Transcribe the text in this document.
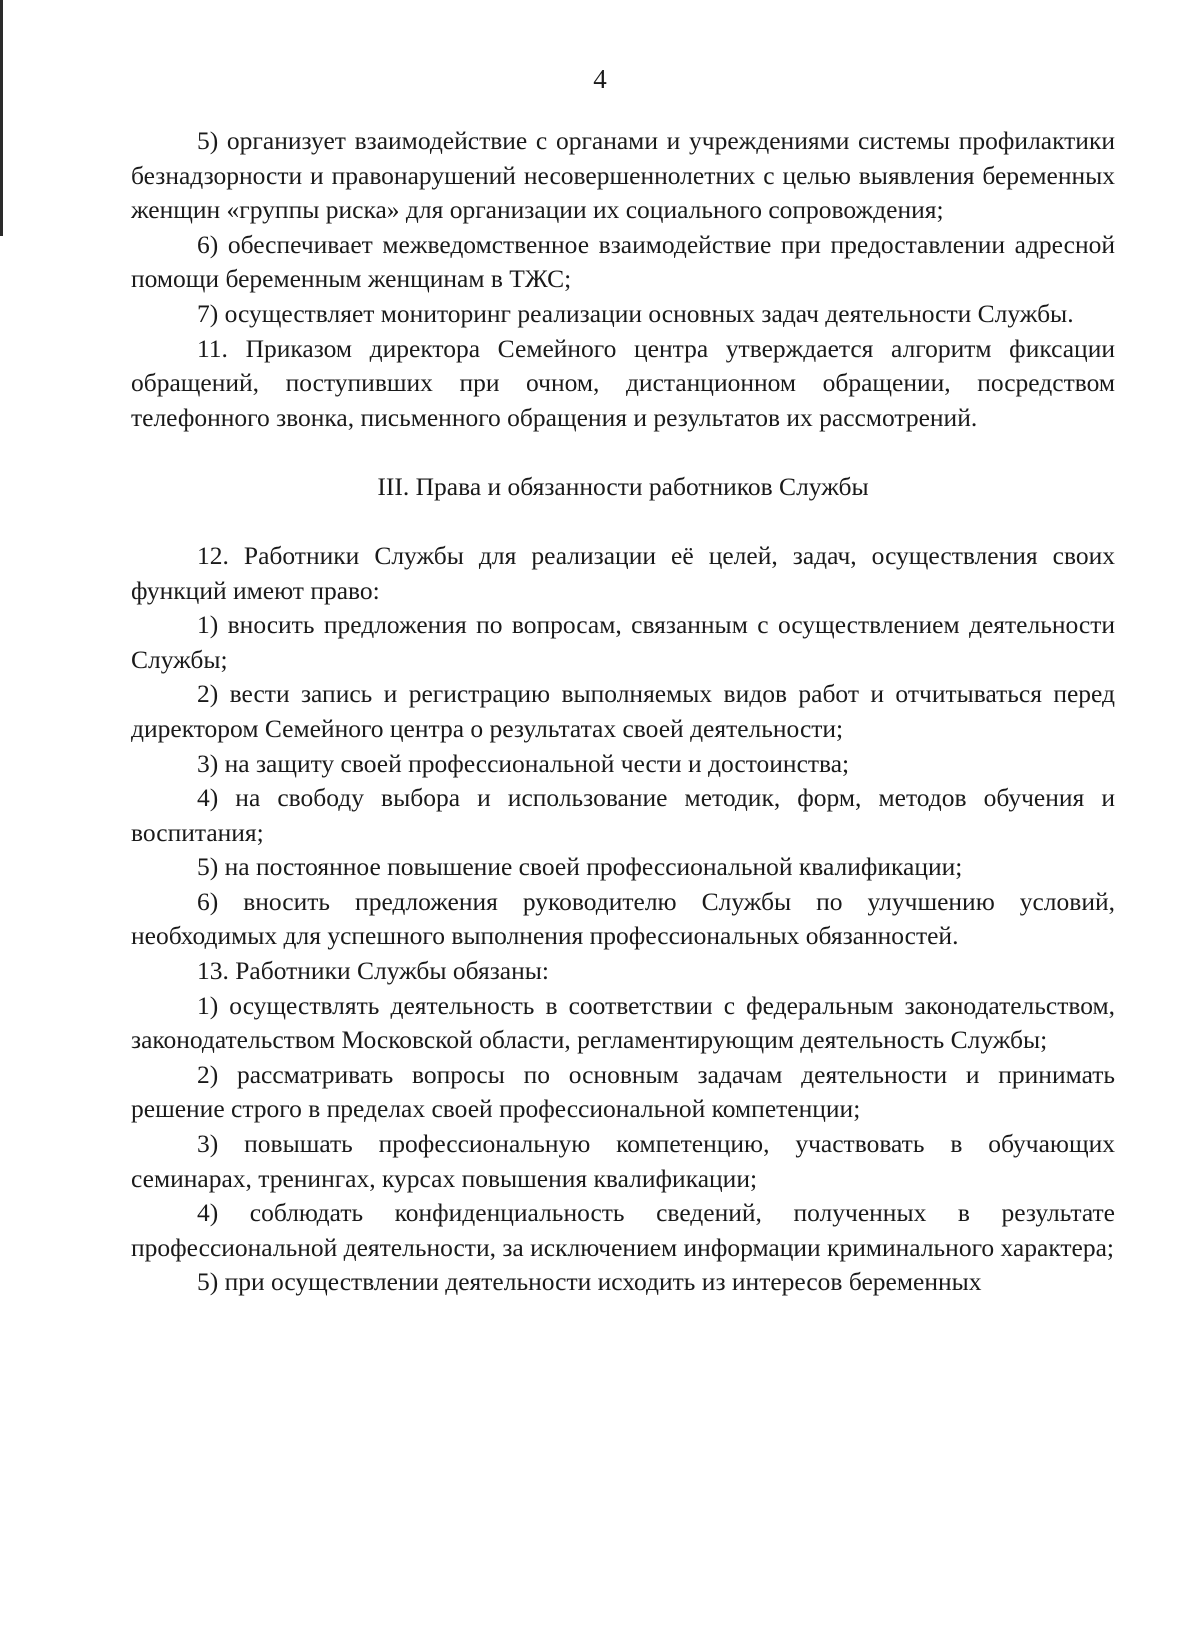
4

5) организует взаимодействие с органами и учреждениями системы профилактики безнадзорности и правонарушений несовершеннолетних с целью выявления беременных женщин «группы риска» для организации их социального сопровождения;

6) обеспечивает межведомственное взаимодействие при предоставлении адресной помощи беременным женщинам в ТЖС;

7) осуществляет мониторинг реализации основных задач деятельности Службы.

11. Приказом директора Семейного центра утверждается алгоритм фиксации обращений, поступивших при очном, дистанционном обращении, посредством телефонного звонка, письменного обращения и результатов их рассмотрений.

III. Права и обязанности работников Службы

12. Работники Службы для реализации её целей, задач, осуществления своих функций имеют право:

1) вносить предложения по вопросам, связанным с осуществлением деятельности Службы;

2) вести запись и регистрацию выполняемых видов работ и отчитываться перед директором Семейного центра о результатах своей деятельности;

3) на защиту своей профессиональной чести и достоинства;

4) на свободу выбора и использование методик, форм, методов обучения и воспитания;

5) на постоянное повышение своей профессиональной квалификации;

6) вносить предложения руководителю Службы по улучшению условий, необходимых для успешного выполнения профессиональных обязанностей.

13. Работники Службы обязаны:

1) осуществлять деятельность в соответствии с федеральным законодательством, законодательством Московской области, регламентирующим деятельность Службы;

2) рассматривать вопросы по основным задачам деятельности и принимать решение строго в пределах своей профессиональной компетенции;

3) повышать профессиональную компетенцию, участвовать в обучающих семинарах, тренингах, курсах повышения квалификации;

4) соблюдать конфиденциальность сведений, полученных в результате профессиональной деятельности, за исключением информации криминального характера;

5) при осуществлении деятельности исходить из интересов беременных
